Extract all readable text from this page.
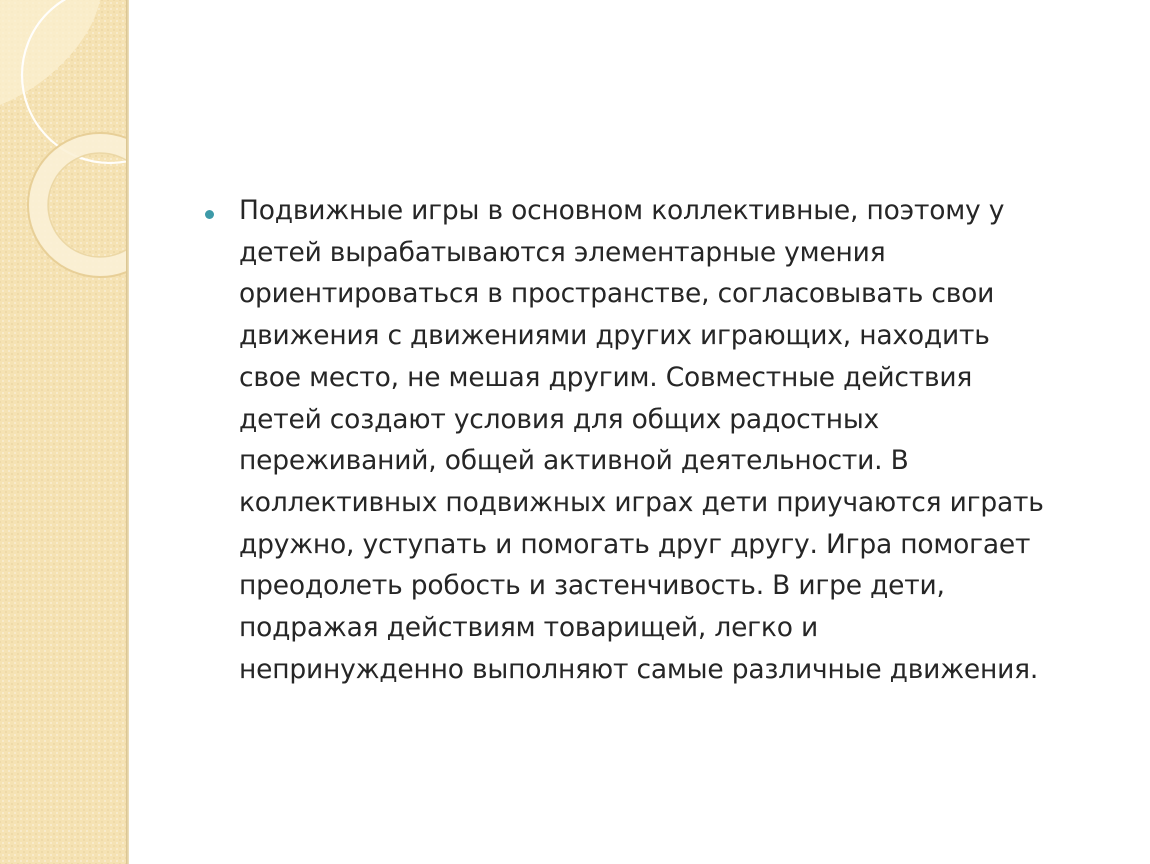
Подвижные игры в основном коллективные, поэтому у
детей вырабатываются элементарные умения
ориентироваться в пространстве, согласовывать свои
движения с движениями других играющих, находить
свое место, не мешая другим. Совместные действия
детей создают условия для общих радостных
переживаний, общей активной деятельности. В
коллективных подвижных играх дети приучаются играть
дружно, уступать и помогать друг другу. Игра помогает
преодолеть робость и застенчивость. В игре дети,
подражая действиям товарищей, легко и
непринужденно выполняют самые различные движения.
